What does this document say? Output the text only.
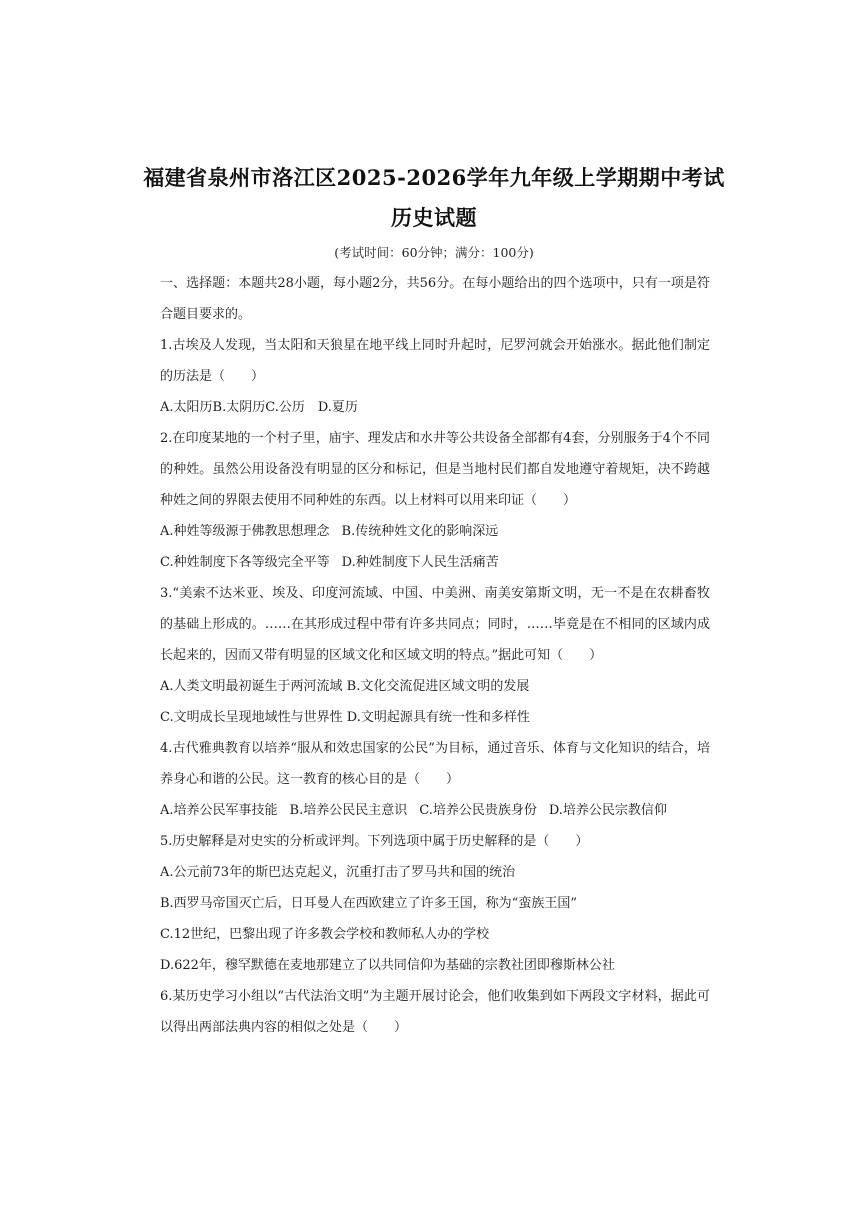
福建省泉州市洛江区2025-2026学年九年级上学期期中考试
历史试题
(考试时间：60分钟；满分：100分)

一、选择题：本题共28小题，每小题2分，共56分。在每小题给出的四个选项中，只有一项是符合题目要求的。

1.古埃及人发现，当太阳和天狼星在地平线上同时升起时，尼罗河就会开始涨水。据此他们制定的历法是（　　）

A.太阳历B.太阴历C.公历　D.夏历

2.在印度某地的一个村子里，庙宇、理发店和水井等公共设备全部都有4套，分别服务于4个不同的种姓。虽然公用设备没有明显的区分和标记，但是当地村民们都自发地遵守着规矩，决不跨越种姓之间的界限去使用不同种姓的东西。以上材料可以用来印证（　　）

A.种姓等级源于佛教思想理念 B.传统种姓文化的影响深远

C.种姓制度下各等级完全平等 D.种姓制度下人民生活痛苦

3.“美索不达米亚、埃及、印度河流域、中国、中美洲、南美安第斯文明，无一不是在农耕畜牧的基础上形成的。……在其形成过程中带有许多共同点；同时，……毕竟是在不相同的区域内成长起来的，因而又带有明显的区域文化和区域文明的特点。”据此可知（　　）

A.人类文明最初诞生于两河流域 B.文化交流促进区域文明的发展

C.文明成长呈现地域性与世界性 D.文明起源具有统一性和多样性

4.古代雅典教育以培养“服从和效忠国家的公民”为目标，通过音乐、体育与文化知识的结合，培养身心和谐的公民。这一教育的核心目的是（　　）

A.培养公民军事技能 B.培养公民民主意识 C.培养公民贵族身份 D.培养公民宗教信仰

5.历史解释是对史实的分析或评判。下列选项中属于历史解释的是（　　）

A.公元前73年的斯巴达克起义，沉重打击了罗马共和国的统治

B.西罗马帝国灭亡后，日耳曼人在西欧建立了许多王国，称为“蛮族王国”

C.12世纪，巴黎出现了许多教会学校和教师私人办的学校

D.622年，穆罕默德在麦地那建立了以共同信仰为基础的宗教社团即穆斯林公社

6.某历史学习小组以“古代法治文明”为主题开展讨论会，他们收集到如下两段文字材料，据此可以得出两部法典内容的相似之处是（　　）
